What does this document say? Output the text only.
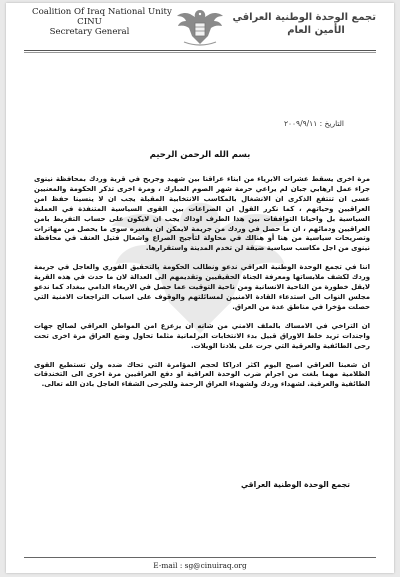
Coalition Of Iraq National Unity
CINU
Secretary General
تجمع الوحدة الوطنية العراقي
الأمين العام
التاريخ : ٢٠٠٩/٩/١١
بسم الله الرحمن الرحيم

مرة اخرى يسقط عشرات الابرياء من ابناء عراقنا بين شهيد وجريح في قرية وردك بمحافظة نينوى جراء عمل ارهابي جبان لم يراعي حرمة شهر الصوم المبارك ، ومرة اخرى تذكر الحكومة والمعنيين عسى ان تنتفع الذكرى ان الانشغال بالمكاسب الانتخابية المقبلة يجب ان لا ينسينا حفظ امن العراقيين وحياتهم ، كما نكرر القول ان الصراعات بين القوى السياسية المتنفذة في العملية السياسية بل واحيانا التوافقات بين هذا الطرف اوذاك يجب ان لايكون على حساب التفريط بامن العراقيين ودمائهم ، ان ما حصل في وردك من جريمة لايمكن ان يفسره سوى ما يحصل من مهاترات وتصريحات سياسية من هنا أو هنالك في محاولة لتأجيج الصراع واشعال فتيل العنف في محافظة نينوى من اجل مكاسب سياسية ضيقة لن تخدم المدينة واستقرارها.

اننا في تجمع الوحدة الوطنية العراقي ندعو ونطالب الحكومة بالتحقيق الفوري والعاجل في جريمة وردك لكشف ملابساتها ومعرفة الجناة الحقيقيين وتقديمهم الى العدالة لان ما حدث في هذه القرية لايقل خطورة من الناحية الانسانية ومن ناحية التوقيت عما حصل في الاربعاء الدامي ببغداد كما ندعو مجلس النواب الى استدعاء القادة الامنيين لمسائلتهم والوقوف على اسباب التراجعات الامنية التي حصلت مؤخرا في مناطق عدة من العراق.

ان التراخي في الامساك بالملف الامني من شانه ان يزعزع امن المواطن العراقي لصالح جهات واجندات تريد خلط الاوراق قبيل بدء الانتخابات البرلمانية مثلما تحاول وضع العراق مرة اخرى تحت رحى الطائفية والعرقية التي جرت على بلادنا الويلات.

ان شعبنا العراقي اصبح اليوم اكثر ادراكا لحجم المؤامرة التي تحاك ضده ولن تستطيع القوى الظلامية مهما بلغت من اجرام ضرب الوحدة العراقية او دفع العراقيين مرة اخرى الى التخندقات الطائفية والعرقية. لشهداء وردك ولشهداء العراق الرحمة وللجرحى الشفاء العاجل باذن الله تعالى.

تجمع الوحدة الوطنية العراقي
E-mail : sg@cinuiraq.org
